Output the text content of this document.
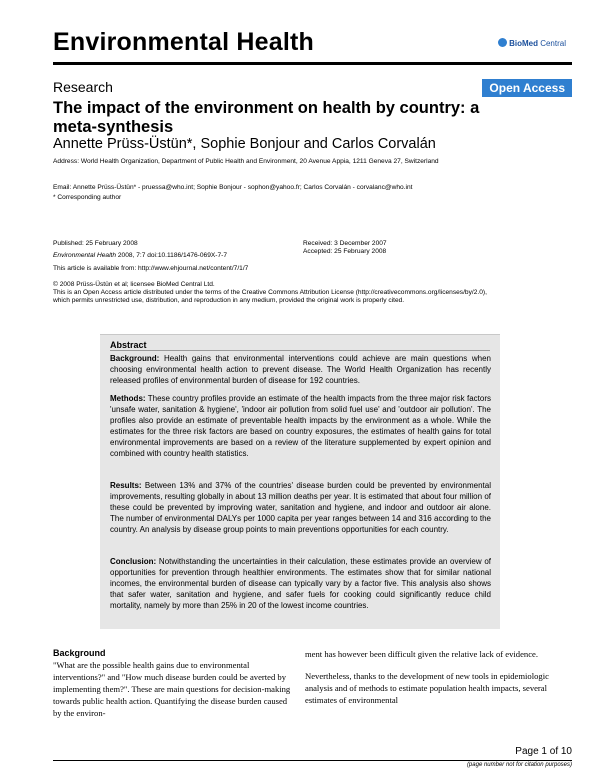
Environmental Health	BioMed Central
Research	Open Access
The impact of the environment on health by country: a meta-synthesis
Annette Prüss-Üstün*, Sophie Bonjour and Carlos Corvalán
Address: World Health Organization, Department of Public Health and Environment, 20 Avenue Appia, 1211 Geneva 27, Switzerland
Email: Annette Prüss-Üstün* - pruessa@who.int; Sophie Bonjour - sophon@yahoo.fr; Carlos Corvalán - corvalanc@who.int
* Corresponding author
Published: 25 February 2008
Environmental Health 2008, 7:7 doi:10.1186/1476-069X-7-7
Received: 3 December 2007
Accepted: 25 February 2008
This article is available from: http://www.ehjournal.net/content/7/1/7
© 2008 Prüss-Üstün et al; licensee BioMed Central Ltd.
This is an Open Access article distributed under the terms of the Creative Commons Attribution License (http://creativecommons.org/licenses/by/2.0),
which permits unrestricted use, distribution, and reproduction in any medium, provided the original work is properly cited.
Abstract
Background: Health gains that environmental interventions could achieve are main questions when choosing environmental health action to prevent disease. The World Health Organization has recently released profiles of environmental burden of disease for 192 countries.
Methods: These country profiles provide an estimate of the health impacts from the three major risk factors 'unsafe water, sanitation & hygiene', 'indoor air pollution from solid fuel use' and 'outdoor air pollution'. The profiles also provide an estimate of preventable health impacts by the environment as a whole. While the estimates for the three risk factors are based on country exposures, the estimates of health gains for total environmental improvements are based on a review of the literature supplemented by expert opinion and combined with country health statistics.
Results: Between 13% and 37% of the countries' disease burden could be prevented by environmental improvements, resulting globally in about 13 million deaths per year. It is estimated that about four million of these could be prevented by improving water, sanitation and hygiene, and indoor and outdoor air alone. The number of environmental DALYs per 1000 capita per year ranges between 14 and 316 according to the country. An analysis by disease group points to main preventions opportunities for each country.
Conclusion: Notwithstanding the uncertainties in their calculation, these estimates provide an overview of opportunities for prevention through healthier environments. The estimates show that for similar national incomes, the environmental burden of disease can typically vary by a factor five. This analysis also shows that safer water, sanitation and hygiene, and safer fuels for cooking could significantly reduce child mortality, namely by more than 25% in 20 of the lowest income countries.
Background
"What are the possible health gains due to environmental interventions?" and "How much disease burden could be averted by implementing them?". These are main questions for decision-making towards public health action. Quantifying the disease burden caused by the environ-
ment has however been difficult given the relative lack of evidence.
Nevertheless, thanks to the development of new tools in epidemiologic analysis and of methods to estimate population health impacts, several estimates of environmental
Page 1 of 10
(page number not for citation purposes)
